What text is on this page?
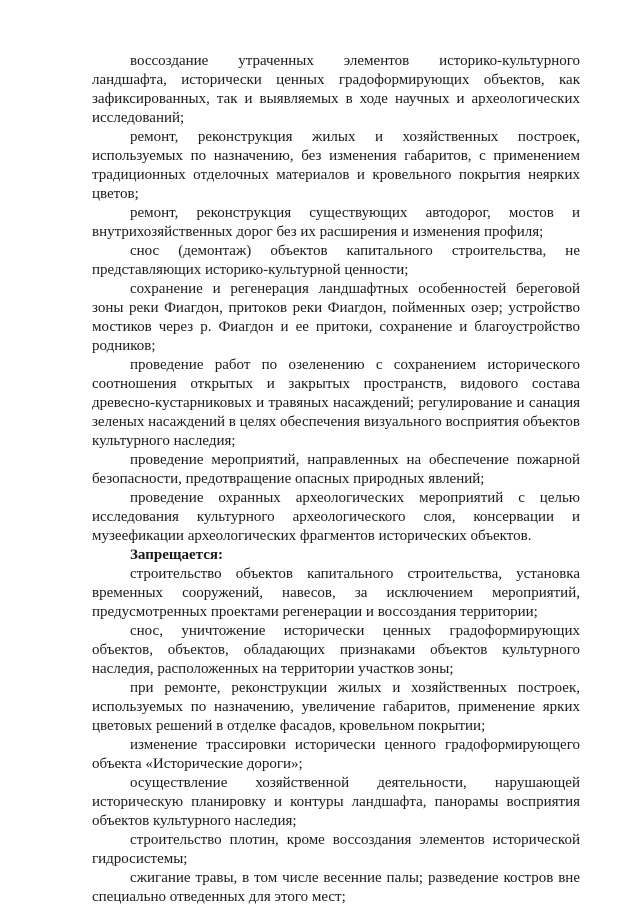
воссоздание утраченных элементов историко-культурного ландшафта, исторически ценных градоформирующих объектов, как зафиксированных, так и выявляемых в ходе научных и археологических исследований;

ремонт, реконструкция жилых и хозяйственных построек, используемых по назначению, без изменения габаритов, с применением традиционных отделочных материалов и кровельного покрытия неярких цветов;

ремонт, реконструкция существующих автодорог, мостов и внутрихозяйственных дорог без их расширения и изменения профиля;

снос (демонтаж) объектов капитального строительства, не представляющих историко-культурной ценности;

сохранение и регенерация ландшафтных особенностей береговой зоны реки Фиагдон, притоков реки Фиагдон, пойменных озер; устройство мостиков через р. Фиагдон и ее притоки, сохранение и благоустройство родников;

проведение работ по озеленению с сохранением исторического соотношения открытых и закрытых пространств, видового состава древесно-кустарниковых и травяных насаждений; регулирование и санация зеленых насаждений в целях обеспечения визуального восприятия объектов культурного наследия;

проведение мероприятий, направленных на обеспечение пожарной безопасности, предотвращение опасных природных явлений;

проведение охранных археологических мероприятий с целью исследования культурного археологического слоя, консервации и музеефикации археологических фрагментов исторических объектов.

Запрещается:

строительство объектов капитального строительства, установка временных сооружений, навесов, за исключением мероприятий, предусмотренных проектами регенерации и воссоздания территории;

снос, уничтожение исторически ценных градоформирующих объектов, объектов, обладающих признаками объектов культурного наследия, расположенных на территории участков зоны;

при ремонте, реконструкции жилых и хозяйственных построек, используемых по назначению, увеличение габаритов, применение ярких цветовых решений в отделке фасадов, кровельном покрытии;

изменение трассировки исторически ценного градоформирующего объекта «Исторические дороги»;

осуществление хозяйственной деятельности, нарушающей историческую планировку и контуры ландшафта, панорамы восприятия объектов культурного наследия;

строительство плотин, кроме воссоздания элементов исторической гидросистемы;

сжигание травы, в том числе весенние палы; разведение костров вне специально отведенных для этого мест;
